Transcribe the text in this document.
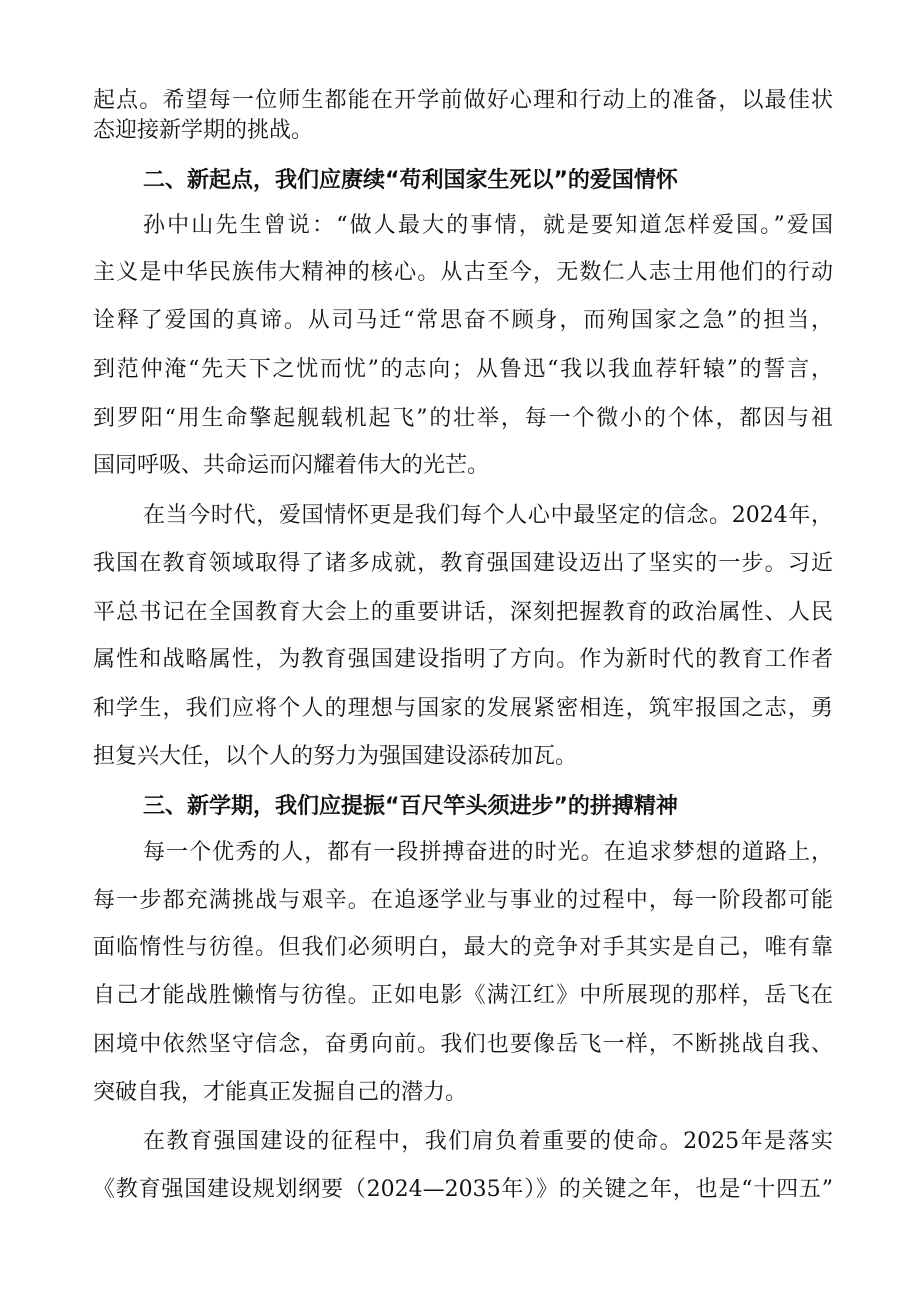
起点。希望每一位师生都能在开学前做好心理和行动上的准备，以最佳状
态迎接新学期的挑战。
二、新起点，我们应赓续“苟利国家生死以”的爱国情怀
孙中山先生曾说：“做人最大的事情，就是要知道怎样爱国。”爱国
主义是中华民族伟大精神的核心。从古至今，无数仁人志士用他们的行动
诠释了爱国的真谛。从司马迁“常思奋不顾身，而殉国家之急”的担当，
到范仲淹“先天下之忧而忧”的志向；从鲁迅“我以我血荐轩辕”的誓言，
到罗阳“用生命擎起舰载机起飞”的壮举，每一个微小的个体，都因与祖
国同呼吸、共命运而闪耀着伟大的光芒。
在当今时代，爱国情怀更是我们每个人心中最坚定的信念。2024年，
我国在教育领域取得了诸多成就，教育强国建设迈出了坚实的一步。习近
平总书记在全国教育大会上的重要讲话，深刻把握教育的政治属性、人民
属性和战略属性，为教育强国建设指明了方向。作为新时代的教育工作者
和学生，我们应将个人的理想与国家的发展紧密相连，筑牢报国之志，勇
担复兴大任，以个人的努力为强国建设添砖加瓦。
三、新学期，我们应提振“百尺竿头须进步”的拼搏精神
每一个优秀的人，都有一段拼搏奋进的时光。在追求梦想的道路上，
每一步都充满挑战与艰辛。在追逐学业与事业的过程中，每一阶段都可能
面临惰性与彷徨。但我们必须明白，最大的竞争对手其实是自己，唯有靠
自己才能战胜懒惰与彷徨。正如电影《满江红》中所展现的那样，岳飞在
困境中依然坚守信念，奋勇向前。我们也要像岳飞一样，不断挑战自我、
突破自我，才能真正发掘自己的潜力。
在教育强国建设的征程中，我们肩负着重要的使命。2025年是落实
《教育强国建设规划纲要（2024—2035年）》的关键之年，也是“十四五”
